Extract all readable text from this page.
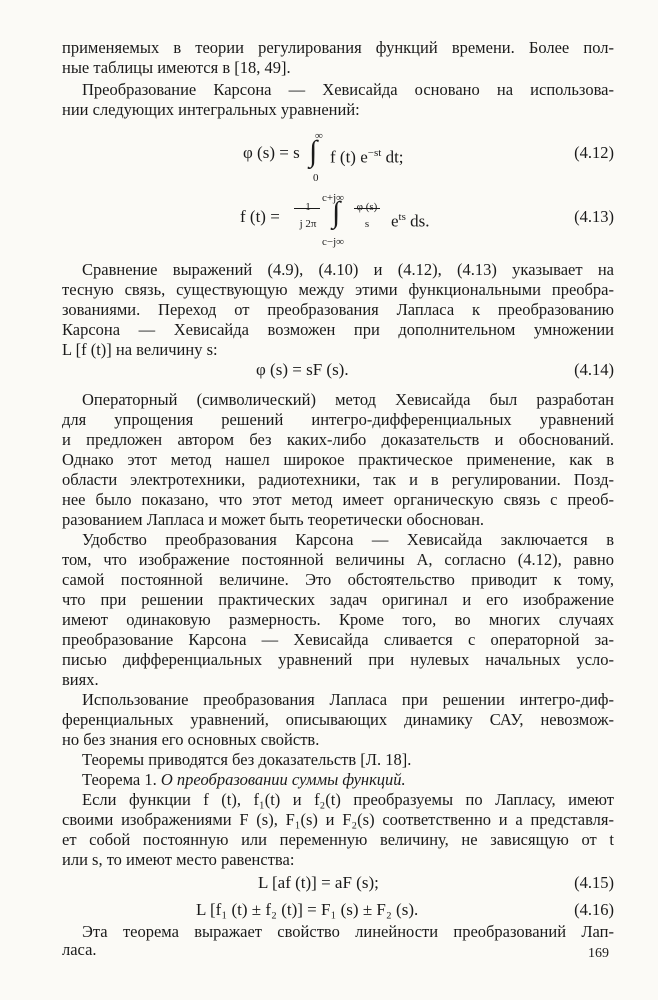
применяемых в теории регулирования функций времени. Более пол-
ные таблицы имеются в [18, 49].
Преобразование Карсона — Хевисайда основано на использова-
нии следующих интегральных уравнений:
φ (s) = s
∞
∫
0
f (t) $e^{-st}$ dt;	(4.12)
f (t) =	1
j 2π
c+j∞
∫
c−j∞
φ (s)
s	$e^{ts}$ ds.	(4.13)
Сравнение выражений (4.9), (4.10) и (4.12), (4.13) указывает на
тесную связь, существующую между этими функциональными преобра-
зованиями. Переход от преобразования Лапласа к преобразованию
Карсона — Хевисайда возможен при дополнительном умножении
L [f (t)] на величину s:
φ (s) = sF (s).	(4.14)
Операторный (символический) метод Хевисайда был разработан
для упрощения решений интегро-дифференциальных уравнений
и предложен автором без каких-либо доказательств и обоснований.
Однако этот метод нашел широкое практическое применение, как в
области электротехники, радиотехники, так и в регулировании. Позд-
нее было показано, что этот метод имеет органическую связь с преоб-
разованием Лапласа и может быть теоретически обоснован.
Удобство преобразования Карсона — Хевисайда заключается в
том, что изображение постоянной величины A, согласно (4.12), равно
самой постоянной величине. Это обстоятельство приводит к тому,
что при решении практических задач оригинал и его изображение
имеют одинаковую размерность. Кроме того, во многих случаях
преобразование Карсона — Хевисайда сливается с операторной за-
писью дифференциальных уравнений при нулевых начальных усло-
виях.
Использование преобразования Лапласа при решении интегро-диф-
ференциальных уравнений, описывающих динамику САУ, невозмож-
но без знания его основных свойств.
Теоремы приводятся без доказательств [Л. 18].
Теорема 1. О преобразовании суммы функций.
Если функции f (t), f₁(t) и f₂(t) преобразуемы по Лапласу, имеют
своими изображениями F (s), F₁(s) и F₂(s) соответственно и a представля-
ет собой постоянную или переменную величину, не зависящую от t
или s, то имеют место равенства:
L [af (t)] = aF (s);	(4.15)
L [f₁ (t) ± f₂ (t)] = F₁ (s) ± F₂ (s).	(4.16)
Эта теорема выражает свойство линейности преобразований Лап-
ласа.	169
